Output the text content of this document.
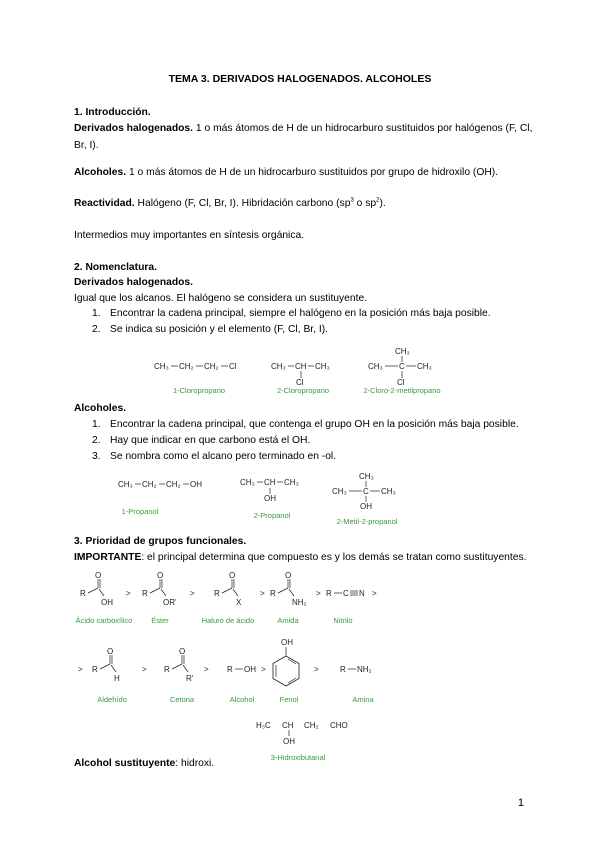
TEMA 3. DERIVADOS HALOGENADOS. ALCOHOLES
1. Introducción.
Derivados halogenados. 1 o más átomos de H de un hidrocarburo sustituidos por halógenos (F, Cl, Br, I).
Alcoholes. 1 o más átomos de H de un hidrocarburo sustituidos por grupo de hidroxilo (OH).
Reactividad. Halógeno (F, Cl, Br, I). Hibridación carbono ($sp^3$ o $sp^2$).
Intermedios muy importantes en síntesis orgánica.
2. Nomenclatura.
Derivados halogenados.
Igual que los alcanos. El halógeno se considera un sustituyente.
1. Encontrar la cadena principal, siempre el halógeno en la posición más baja posible.
2. Se indica su posición y el elemento (F, Cl, Br, I).
CH₃ CH₂ CH₂ Cl	CH₃ CH CH₃
Cl
CH₃
CH₃ C CH₃
Cl
1-Cloropropano	2-Cloropropano	2-Cloro-2-metilpropano
Alcoholes.
1. Encontrar la cadena principal, que contenga el grupo OH en la posición más baja posible.
2. Hay que indicar en que carbono está el OH.
3. Se nombra como el alcano pero terminado en -ol.
CH₃ CH₂ CH₂ OH	CH₃ CH CH₃
OH
CH₃
CH₃ C CH₃
OH
1-Propanol	2-Propanol
2-Metil-2-propanol
3. Prioridad de grupos funcionales.
IMPORTANTE: el principal determina que compuesto es y los demás se tratan como sustituyentes.
R
O
OH
> R
O
OR'
> R
O
X
> R
O
NH₂
> R C N >
Ácido carboxílico	Éster	Haluro de ácido	Amida	Nitrilo
> R
O
H
> R
O
R'
> R OH >
OH
>	R NH₂
Aldehído	Cetona	Alcohol	Fenol	Amina
H₃C CH CH₂ CHO
OH
3-Hidroxibutanal
Alcohol sustituyente: hidroxi.
1
